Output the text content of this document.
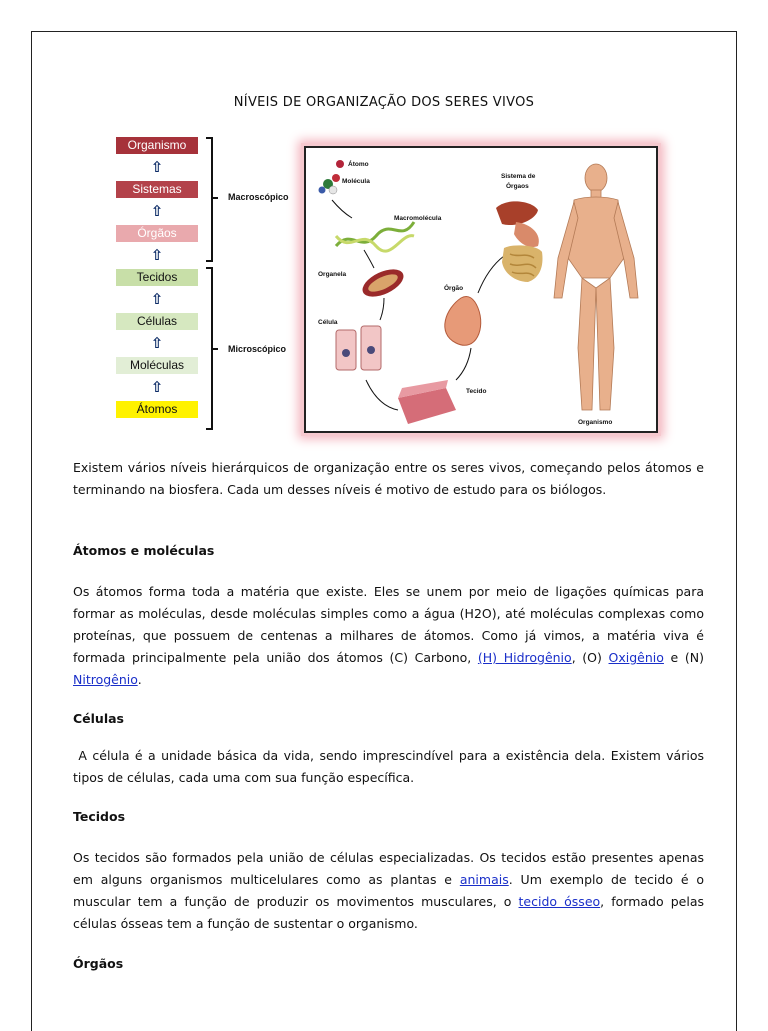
NÍVEIS DE ORGANIZAÇÃO DOS SERES VIVOS
Organismo
⇧
Sistemas
⇧
Órgãos
⇧
Tecidos
⇧
Células
⇧
Moléculas
⇧
Átomos
Macroscópico
Microscópico
Átomo
Molécula
Macromolécula
Organela
Célula
Tecido
Órgão
Sistema de
Órgaos
Organismo

Existem vários níveis hierárquicos de organização entre os seres vivos, começando pelos átomos e terminando na biosfera. Cada um desses níveis é motivo de estudo para os biólogos.

Átomos e moléculas

Os átomos forma toda a matéria que existe. Eles se unem por meio de ligações químicas para formar as moléculas, desde moléculas simples como a água (H2O), até moléculas complexas como proteínas, que possuem de centenas a milhares de átomos. Como já vimos, a matéria viva é formada principalmente pela união dos átomos (C) Carbono, (H) Hidrogênio, (O) Oxigênio e (N) Nitrogênio.

Células

A célula é a unidade básica da vida, sendo imprescindível para a existência dela. Existem vários tipos de células, cada uma com sua função específica.

Tecidos

Os tecidos são formados pela união de células especializadas. Os tecidos estão presentes apenas em alguns organismos multicelulares como as plantas e animais. Um exemplo de tecido é o muscular tem a função de produzir os movimentos musculares, o tecido ósseo, formado pelas células ósseas tem a função de sustentar o organismo.

Órgãos
